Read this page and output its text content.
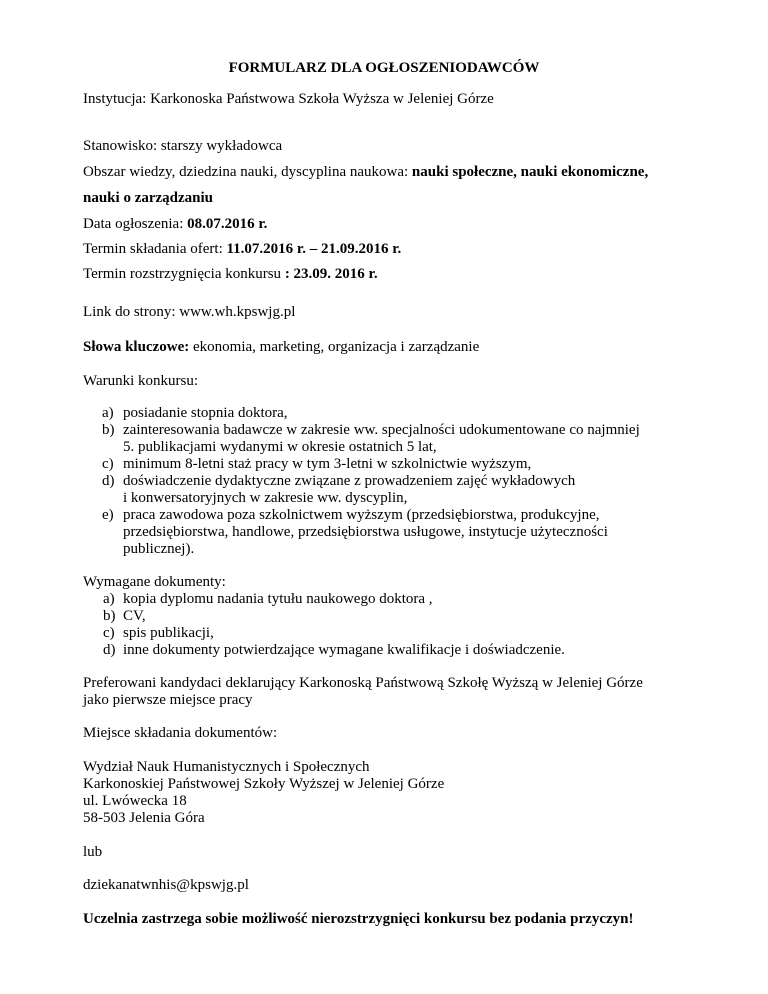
FORMULARZ DLA OGŁOSZENIODAWCÓW
Instytucja: Karkonoska Państwowa Szkoła Wyższa w Jeleniej Górze
Stanowisko: starszy wykładowca
Obszar wiedzy, dziedzina nauki, dyscyplina naukowa: nauki społeczne, nauki ekonomiczne,
nauki o zarządzaniu
Data ogłoszenia: 08.07.2016 r.
Termin składania ofert: 11.07.2016 r. – 21.09.2016 r.
Termin rozstrzygnięcia konkursu : 23.09. 2016 r.
Link do strony: www.wh.kpswjg.pl
Słowa kluczowe: ekonomia, marketing, organizacja i zarządzanie
Warunki konkursu:
a) posiadanie stopnia doktora,
b) zainteresowania badawcze w zakresie ww. specjalności udokumentowane co najmniej
5. publikacjami wydanymi w okresie ostatnich 5 lat,
c) minimum 8-letni staż pracy w tym 3-letni w szkolnictwie wyższym,
d) doświadczenie dydaktyczne związane z prowadzeniem zajęć wykładowych
i konwersatoryjnych w zakresie ww. dyscyplin,
e) praca zawodowa poza szkolnictwem wyższym (przedsiębiorstwa, produkcyjne,
przedsiębiorstwa, handlowe, przedsiębiorstwa usługowe, instytucje użyteczności
publicznej).
Wymagane dokumenty:
a) kopia dyplomu nadania tytułu naukowego doktora ,
b) CV,
c) spis publikacji,
d) inne dokumenty potwierdzające wymagane kwalifikacje i doświadczenie.
Preferowani kandydaci deklarujący Karkonoską Państwową Szkołę Wyższą w Jeleniej Górze
jako pierwsze miejsce pracy
Miejsce składania dokumentów:
Wydział Nauk Humanistycznych i Społecznych
Karkonoskiej Państwowej Szkoły Wyższej w Jeleniej Górze
ul. Lwówecka 18
58-503 Jelenia Góra
lub
dziekanatwnhis@kpswjg.pl
Uczelnia zastrzega sobie możliwość nierozstrzygnięci konkursu bez podania przyczyn!
